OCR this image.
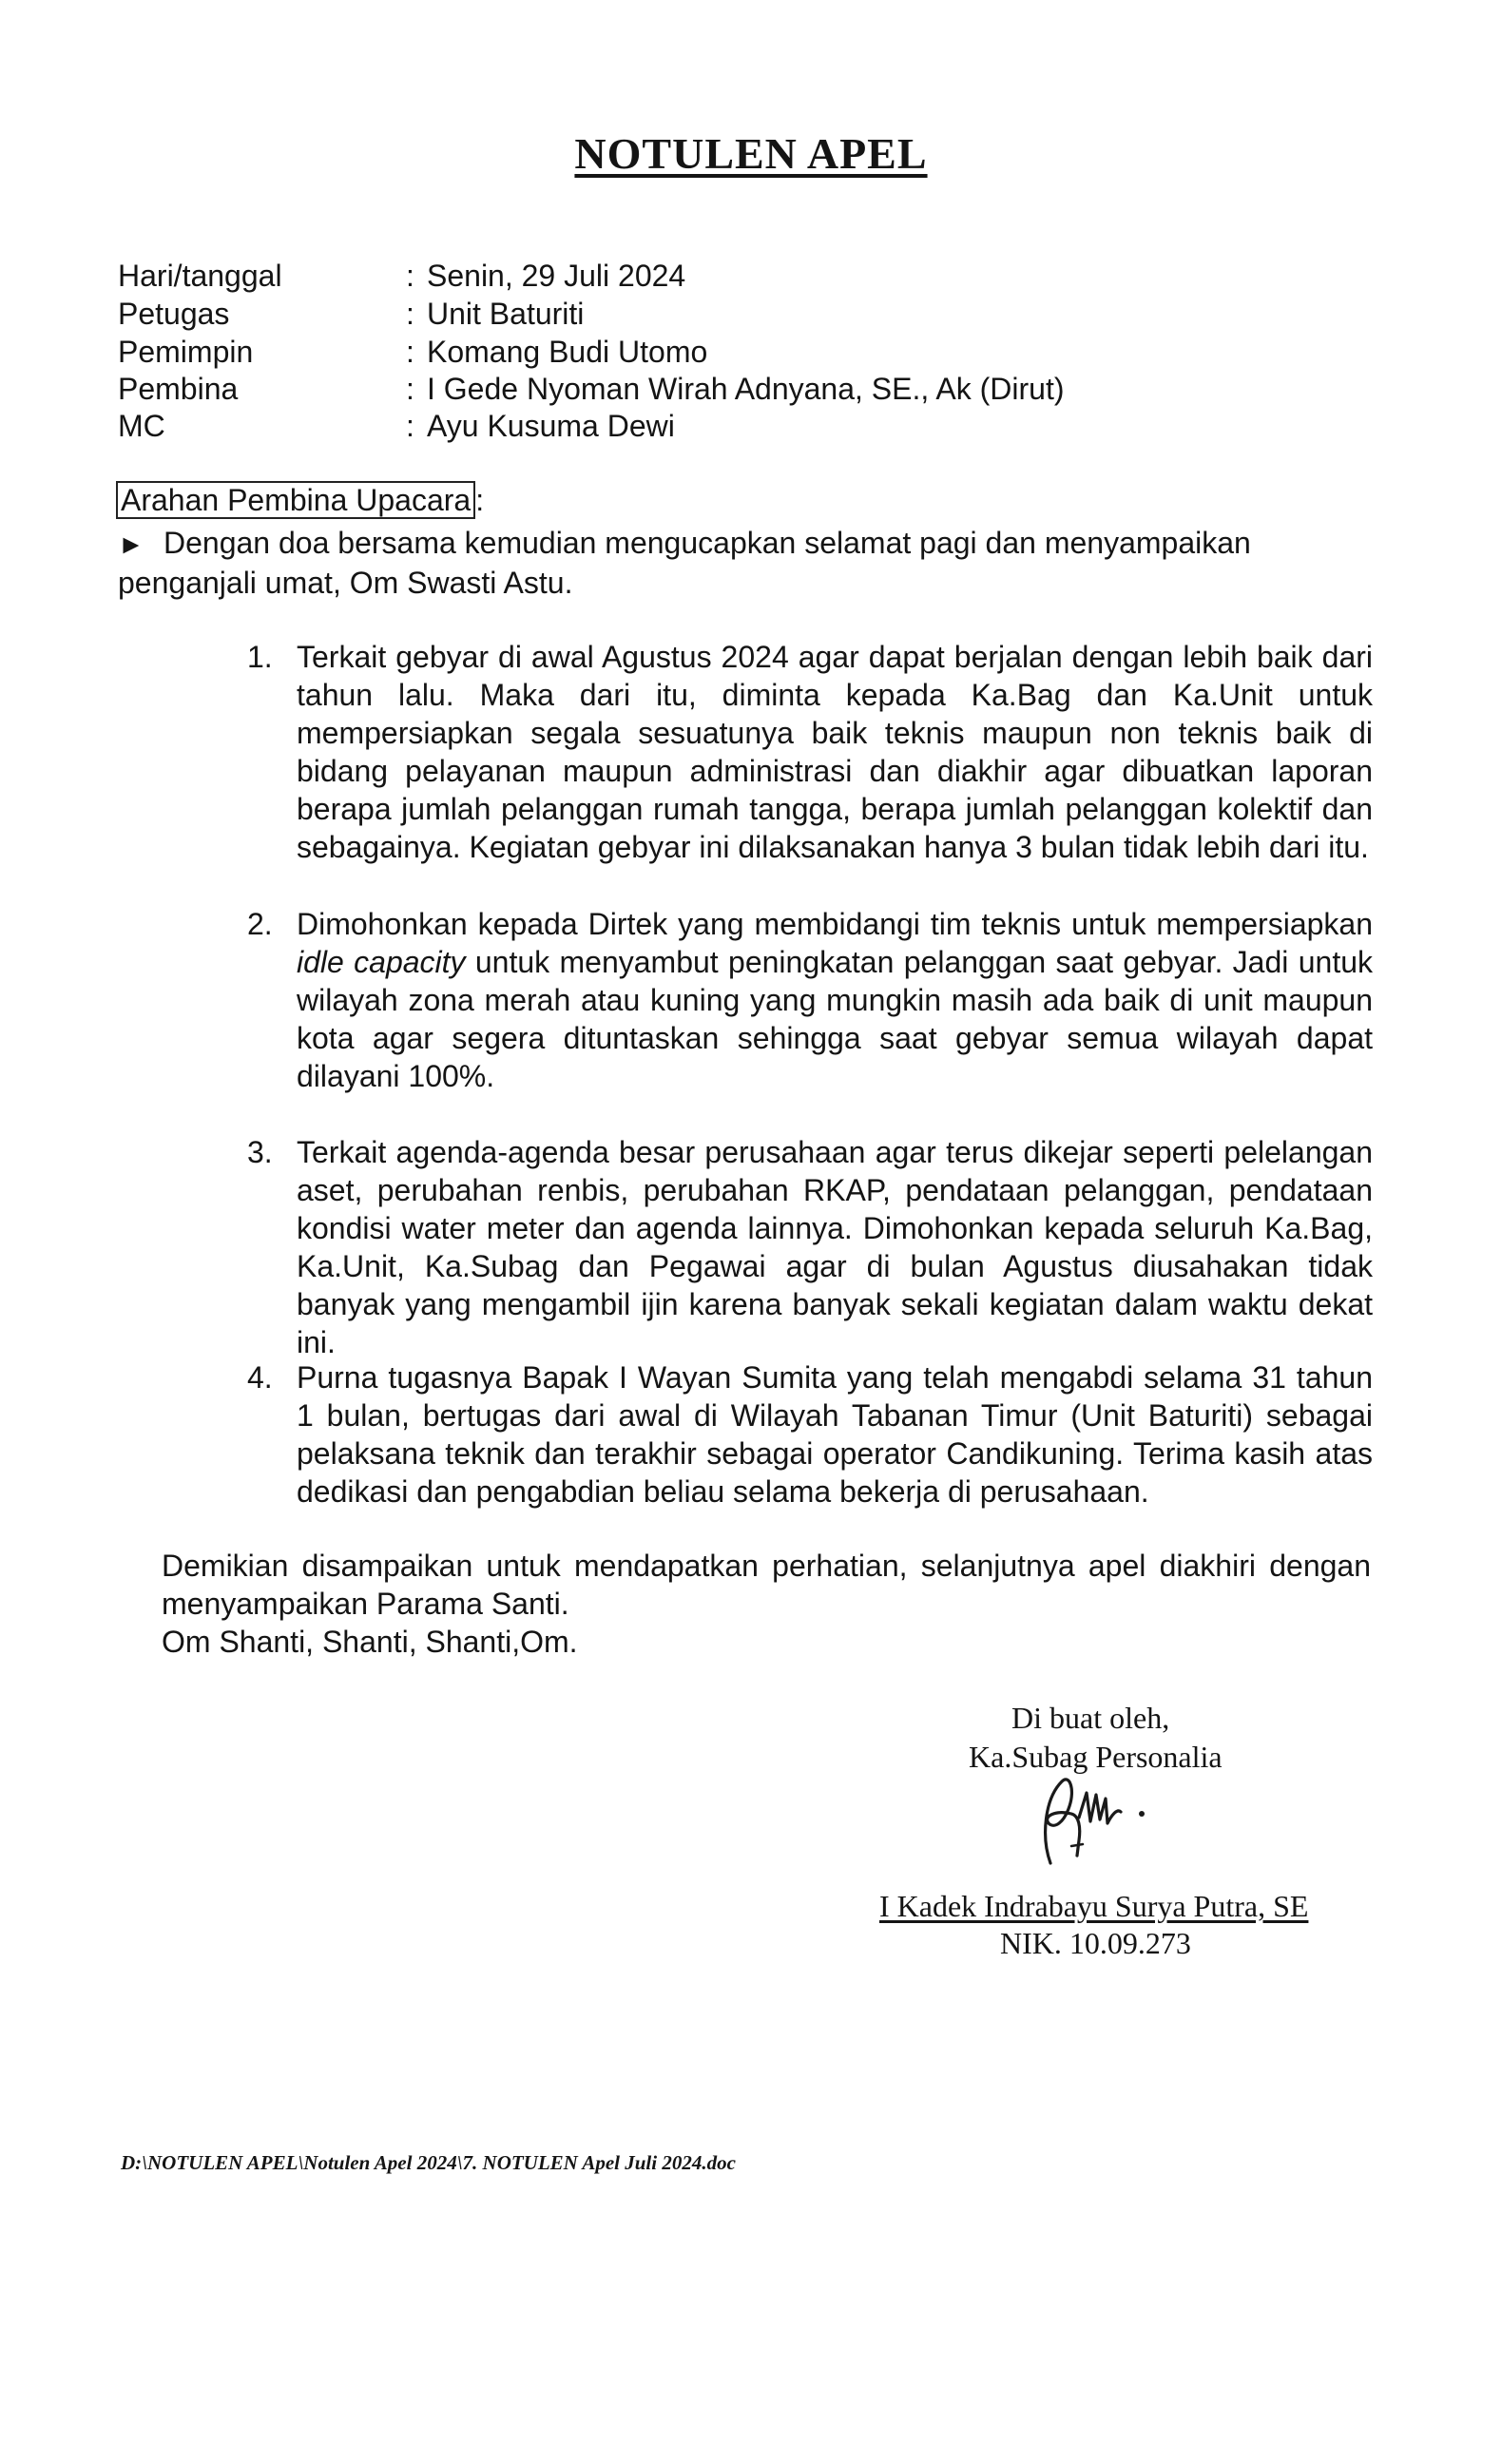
NOTULEN APEL
Hari/tanggal	: Senin, 29 Juli 2024
Petugas	: Unit Baturiti
Pemimpin	: Komang Budi Utomo
Pembina	: I Gede Nyoman Wirah Adnyana, SE., Ak (Dirut)
MC	: Ayu Kusuma Dewi
Arahan Pembina Upacara :
► Dengan doa bersama kemudian mengucapkan selamat pagi dan menyampaikan penganjali umat, Om Swasti Astu.
1. Terkait gebyar di awal Agustus 2024 agar dapat berjalan dengan lebih baik dari tahun lalu. Maka dari itu, diminta kepada Ka.Bag dan Ka.Unit untuk mempersiapkan segala sesuatunya baik teknis maupun non teknis baik di bidang pelayanan maupun administrasi dan diakhir agar dibuatkan laporan berapa jumlah pelanggan rumah tangga, berapa jumlah pelanggan kolektif dan sebagainya. Kegiatan gebyar ini dilaksanakan hanya 3 bulan tidak lebih dari itu.
2. Dimohonkan kepada Dirtek yang membidangi tim teknis untuk mempersiapkan idle capacity untuk menyambut peningkatan pelanggan saat gebyar. Jadi untuk wilayah zona merah atau kuning yang mungkin masih ada baik di unit maupun kota agar segera dituntaskan sehingga saat gebyar semua wilayah dapat dilayani 100%.
3. Terkait agenda-agenda besar perusahaan agar terus dikejar seperti pelelangan aset, perubahan renbis, perubahan RKAP, pendataan pelanggan, pendataan kondisi water meter dan agenda lainnya. Dimohonkan kepada seluruh Ka.Bag, Ka.Unit, Ka.Subag dan Pegawai agar di bulan Agustus diusahakan tidak banyak yang mengambil ijin karena banyak sekali kegiatan dalam waktu dekat ini.
4. Purna tugasnya Bapak I Wayan Sumita yang telah mengabdi selama 31 tahun 1 bulan, bertugas dari awal di Wilayah Tabanan Timur (Unit Baturiti) sebagai pelaksana teknik dan terakhir sebagai operator Candikuning. Terima kasih atas dedikasi dan pengabdian beliau selama bekerja di perusahaan.
Demikian disampaikan untuk mendapatkan perhatian, selanjutnya apel diakhiri dengan menyampaikan Parama Santi.
Om Shanti, Shanti, Shanti,Om.
Di buat oleh,
Ka.Subag Personalia
I Kadek Indrabayu Surya Putra, SE
NIK. 10.09.273
D:\NOTULEN APEL\Notulen Apel 2024\7. NOTULEN Apel Juli 2024.doc
